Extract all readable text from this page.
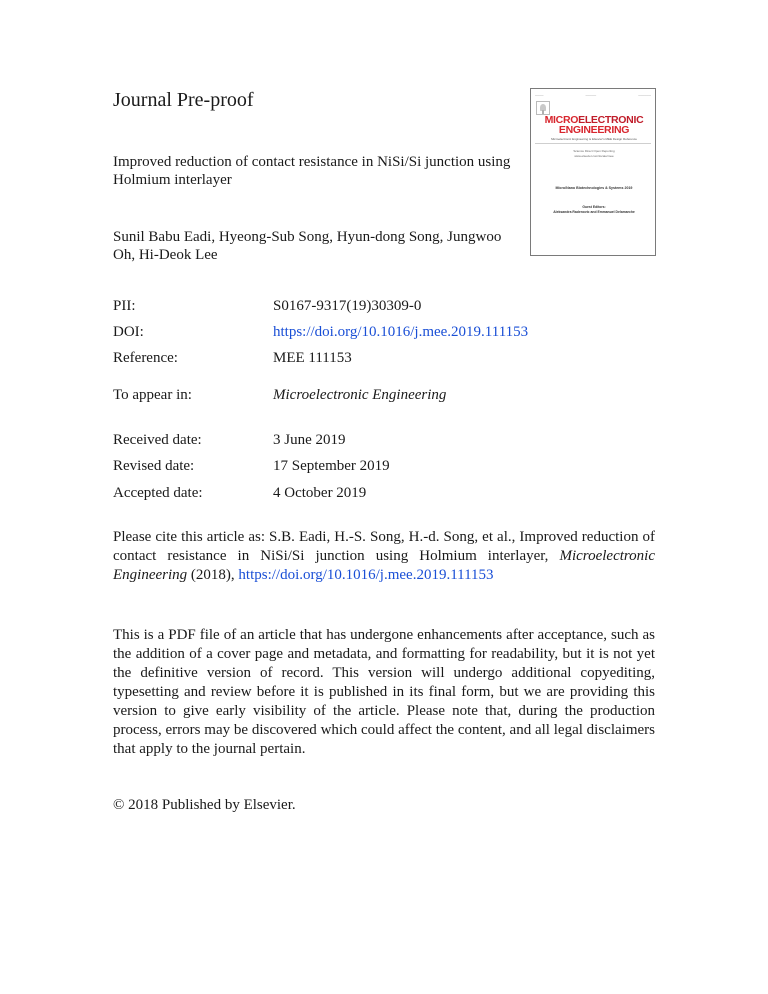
Journal Pre-proof	────	─────	──────
MICROELECTRONIC
ENGINEERING
Microelectronic Engineering is Elsevier's MEE Design Reference
Science Direct Open Reporting
www.elsevier.com/locate/mee
Micro/Nano Biotechnologies & Systems 2019
Guest Editors:
Aleksandra Radenovic and Emmanuel Delamarche
Improved reduction of contact resistance in NiSi/Si junction using Holmium interlayer
Sunil Babu Eadi, Hyeong-Sub Song, Hyun-dong Song, Jungwoo Oh, Hi-Deok Lee
PII:	S0167-9317(19)30309-0
DOI:	https://doi.org/10.1016/j.mee.2019.111153
Reference:	MEE 111153
To appear in:	Microelectronic Engineering
Received date:	3 June 2019
Revised date:	17 September 2019
Accepted date:	4 October 2019
Please cite this article as: S.B. Eadi, H.-S. Song, H.-d. Song, et al., Improved reduction of contact resistance in NiSi/Si junction using Holmium interlayer, Microelectronic Engineering (2018), https://doi.org/10.1016/j.mee.2019.111153
This is a PDF file of an article that has undergone enhancements after acceptance, such as the addition of a cover page and metadata, and formatting for readability, but it is not yet the definitive version of record. This version will undergo additional copyediting, typesetting and review before it is published in its final form, but we are providing this version to give early visibility of the article. Please note that, during the production process, errors may be discovered which could affect the content, and all legal disclaimers that apply to the journal pertain.
© 2018 Published by Elsevier.
